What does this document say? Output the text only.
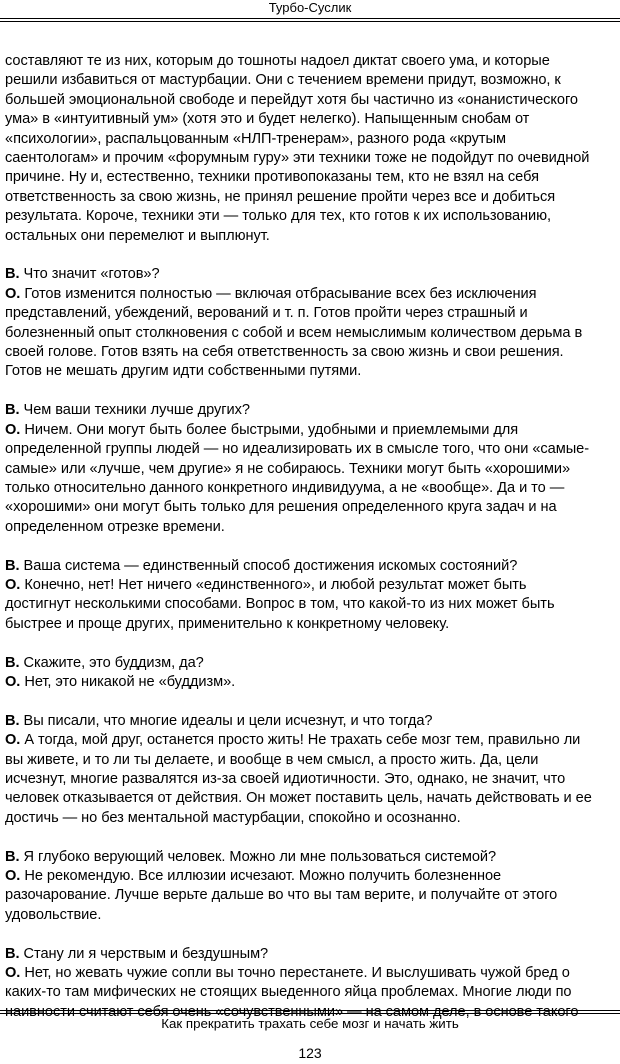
Турбо-Суслик

составляют те из них, которым до тошноты надоел диктат своего ума, и которые

решили избавиться от мастурбации. Они с течением времени придут, возможно, к

большей эмоциональной свободе и перейдут хотя бы частично из «онанистического

ума» в «интуитивный ум» (хотя это и будет нелегко). Напыщенным снобам от

«психологии», распальцованным «НЛП-тренерам», разного рода «крутым

саентологам» и прочим «форумным гуру» эти техники тоже не подойдут по очевидной

причине. Ну и, естественно, техники противопоказаны тем, кто не взял на себя

ответственность за свою жизнь, не принял решение пройти через все и добиться

результата. Короче, техники эти — только для тех, кто готов к их использованию,

остальных они перемелют и выплюнут.

В. Что значит «готов»?

О. Готов изменится полностью — включая отбрасывание всех без исключения

представлений, убеждений, верований и т. п. Готов пройти через страшный и

болезненный опыт столкновения с собой и всем немыслимым количеством дерьма в

своей голове. Готов взять на себя ответственность за свою жизнь и свои решения.

Готов не мешать другим идти собственными путями.

В. Чем ваши техники лучше других?

О. Ничем. Они могут быть более быстрыми, удобными и приемлемыми для

определенной группы людей — но идеализировать их в смысле того, что они «самые-

самые» или «лучше, чем другие» я не собираюсь. Техники могут быть «хорошими»

только относительно данного конкретного индивидуума, а не «вообще». Да и то —

«хорошими» они могут быть только для решения определенного круга задач и на

определенном отрезке времени.

В. Ваша система — единственный способ достижения искомых состояний?

О. Конечно, нет! Нет ничего «единственного», и любой результат может быть

достигнут несколькими способами. Вопрос в том, что какой-то из них может быть

быстрее и проще других, применительно к конкретному человеку.

В. Скажите, это буддизм, да?

О. Нет, это никакой не «буддизм».

В. Вы писали, что многие идеалы и цели исчезнут, и что тогда?

О. А тогда, мой друг, останется просто жить! Не трахать себе мозг тем, правильно ли

вы живете, и то ли ты делаете, и вообще в чем смысл, а просто жить. Да, цели

исчезнут, многие развалятся из-за своей идиотичности. Это, однако, не значит, что

человек отказывается от действия. Он может поставить цель, начать действовать и ее

достичь — но без ментальной мастурбации, спокойно и осознанно.

В. Я глубоко верующий человек. Можно ли мне пользоваться системой?

О. Не рекомендую. Все иллюзии исчезают. Можно получить болезненное

разочарование. Лучше верьте дальше во что вы там верите, и получайте от этого

удовольствие.

В. Стану ли я черствым и бездушным?

О. Нет, но жевать чужие сопли вы точно перестанете. И выслушивать чужой бред о

каких-то там мифических не стоящих выеденного яйца проблемах. Многие люди по

наивности считают себя очень «сочувственными» — на самом деле, в основе такого

Как прекратить трахать себе мозг и начать жить
123
